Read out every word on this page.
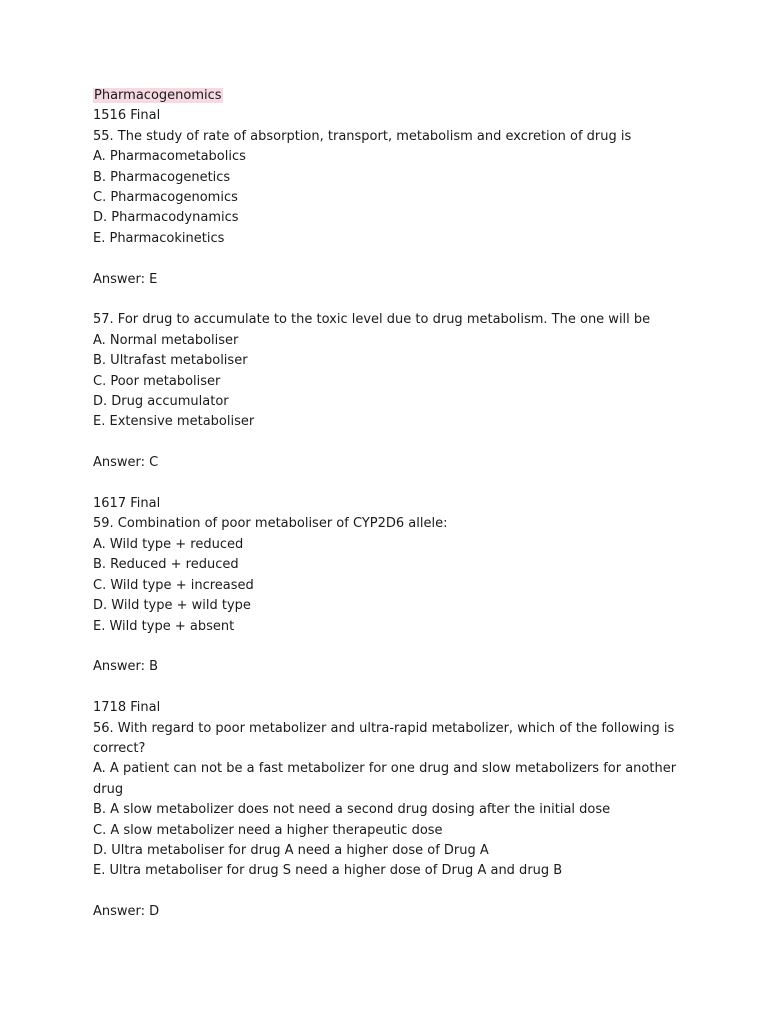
Pharmacogenomics
1516 Final
55. The study of rate of absorption, transport, metabolism and excretion of drug is
A. Pharmacometabolics
B. Pharmacogenetics
C. Pharmacogenomics
D. Pharmacodynamics
E. Pharmacokinetics
Answer: E
57. For drug to accumulate to the toxic level due to drug metabolism. The one will be
A. Normal metaboliser
B. Ultrafast metaboliser
C. Poor metaboliser
D. Drug accumulator
E. Extensive metaboliser
Answer: C
1617 Final
59. Combination of poor metaboliser of CYP2D6 allele:
A. Wild type + reduced
B. Reduced + reduced
C. Wild type + increased
D. Wild type + wild type
E. Wild type + absent
Answer: B
1718 Final
56. With regard to poor metabolizer and ultra-rapid metabolizer, which of the following is correct?
A. A patient can not be a fast metabolizer for one drug and slow metabolizers for another drug
B. A slow metabolizer does not need a second drug dosing after the initial dose
C. A slow metabolizer need a higher therapeutic dose
D. Ultra metaboliser for drug A need a higher dose of Drug A
E. Ultra metaboliser for drug S need a higher dose of Drug A and drug B
Answer: D
